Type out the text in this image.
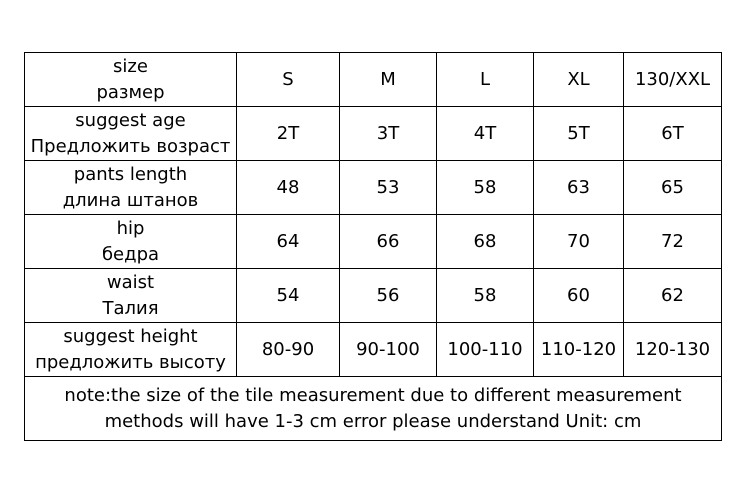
size
размер	S	M	L	XL	130/XXL

suggest age
Предложить возраст	2T	3T	4T	5T	6T

pants length
длина штанов	48	53	58	63	65

hip
бедра	64	66	68	70	72

waist
Талия	54	56	58	60	62

suggest height
предложить высоту	80-90	90-100	100-110	110-120	120-130

note:the size of the tile measurement due to different measurement
methods will have 1-3 cm error please understand Unit: cm					
